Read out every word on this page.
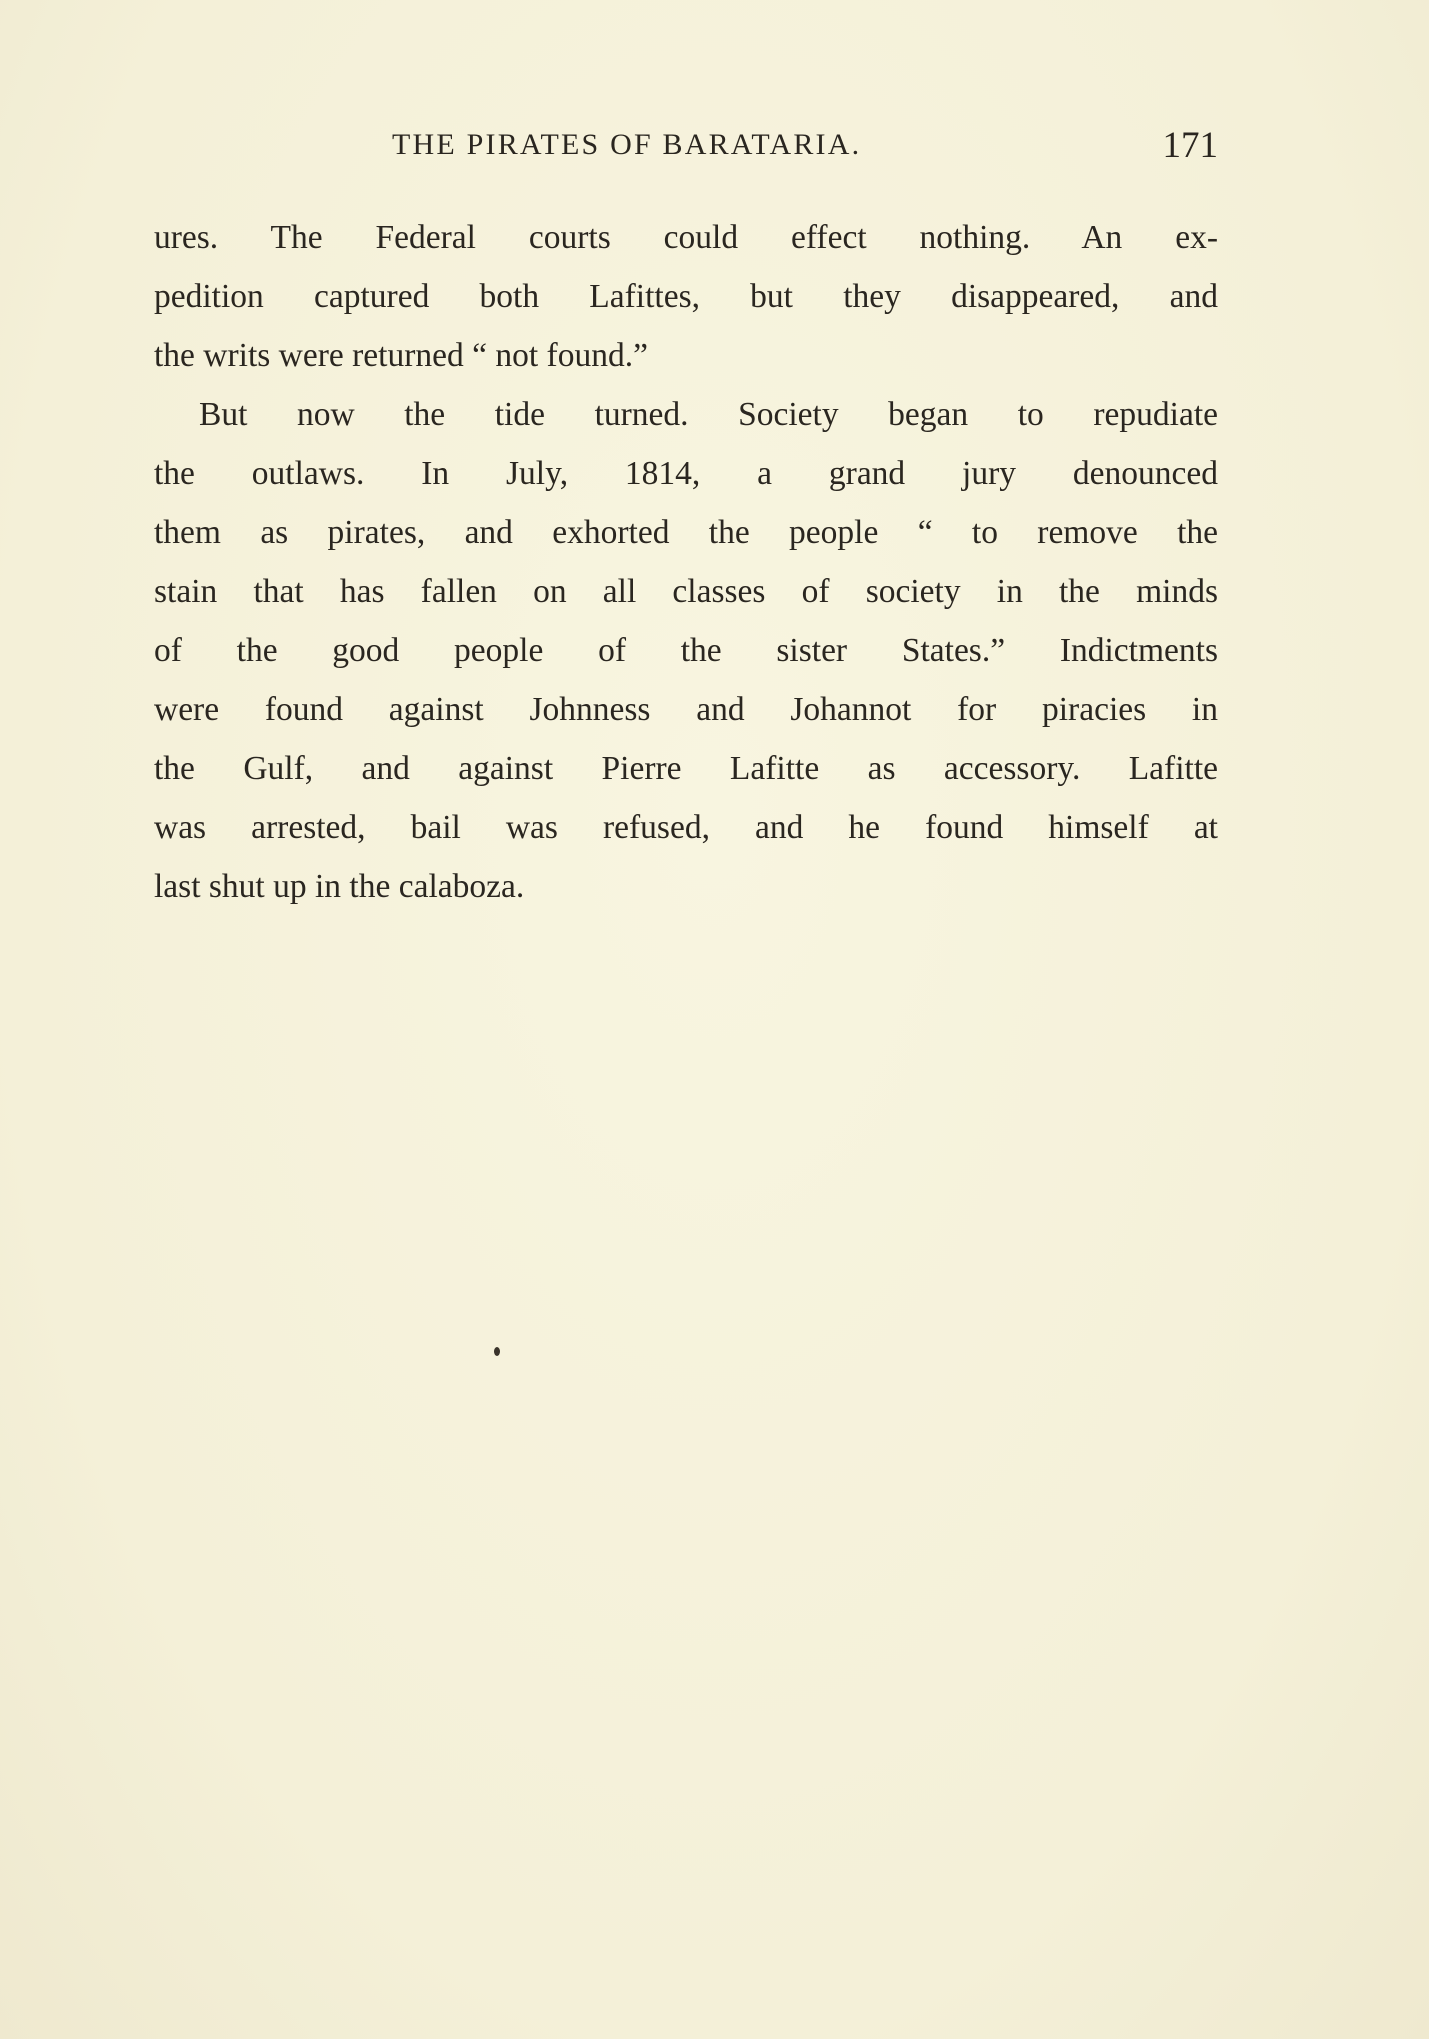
THE PIRATES OF BARATARIA.	171
ures. The Federal courts could effect nothing. An ex-
pedition captured both Lafittes, but they disappeared, and
the writs were returned “ not found.”
But now the tide turned. Society began to repudiate
the outlaws. In July, 1814, a grand jury denounced
them as pirates, and exhorted the people “ to remove the
stain that has fallen on all classes of society in the minds
of the good people of the sister States.” Indictments
were found against Johnness and Johannot for piracies in
the Gulf, and against Pierre Lafitte as accessory. Lafitte
was arrested, bail was refused, and he found himself at
last shut up in the calaboza.
